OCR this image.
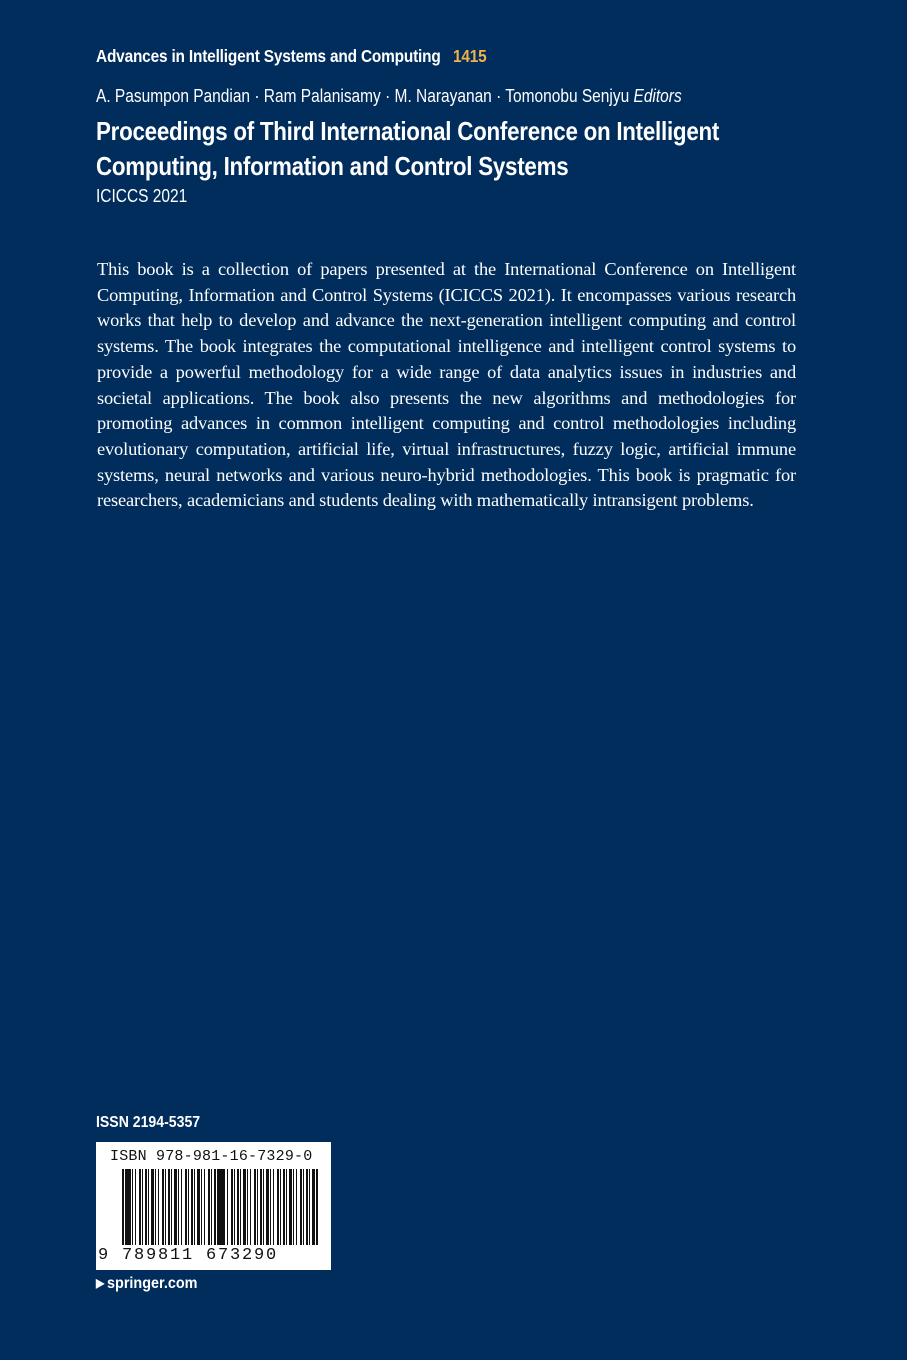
Advances in Intelligent Systems and Computing 1415
A. Pasumpon Pandian · Ram Palanisamy · M. Narayanan · Tomonobu Senjyu Editors
Proceedings of Third International Conference on Intelligent Computing, Information and Control Systems
ICICCS 2021
This book is a collection of papers presented at the International Conference on Intelligent Computing, Information and Control Systems (ICICCS 2021). It encompasses various research works that help to develop and advance the next-generation intelligent computing and control systems. The book integrates the computational intelligence and intelligent control systems to provide a powerful methodology for a wide range of data analytics issues in industries and societal applications. The book also presents the new algorithms and methodologies for promoting advances in common intelligent computing and control methodologies including evolutionary computation, artificial life, virtual infrastructures, fuzzy logic, artificial immune systems, neural networks and various neuro-hybrid methodologies. This book is pragmatic for researchers, academicians and students dealing with mathematically intransigent problems.
ISSN 2194-5357
ISBN 978-981-16-7329-0
9 789811 673290
▶ springer.com
